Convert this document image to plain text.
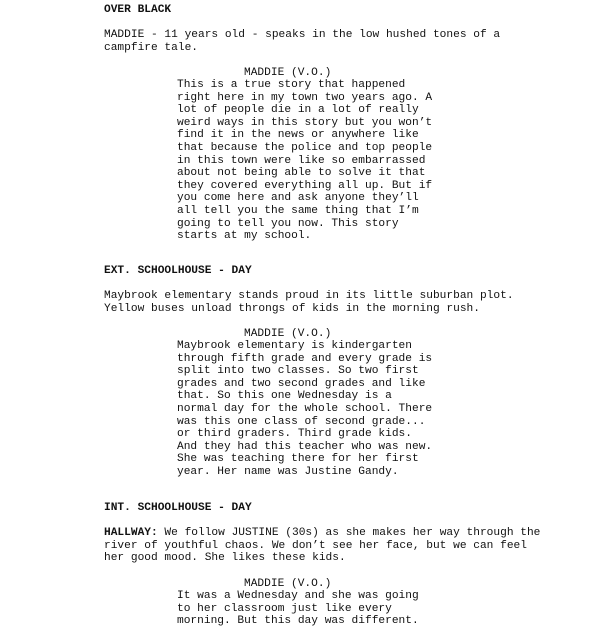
OVER BLACK

MADDIE - 11 years old - speaks in the low hushed tones of a campfire tale.

MADDIE (V.O.)

This is a true story that happened right here in my town two years ago. A lot of people die in a lot of really weird ways in this story but you won’t find it in the news or anywhere like that because the police and top people in this town were like so embarrassed about not being able to solve it that they covered everything all up. But if you come here and ask anyone they’ll all tell you the same thing that I’m going to tell you now. This story starts at my school.

EXT. SCHOOLHOUSE - DAY

Maybrook elementary stands proud in its little suburban plot. Yellow buses unload throngs of kids in the morning rush.

MADDIE (V.O.)

Maybrook elementary is kindergarten through fifth grade and every grade is split into two classes. So two first grades and two second grades and like that. So this one Wednesday is a normal day for the whole school. There was this one class of second grade... or third graders. Third grade kids. And they had this teacher who was new. She was teaching there for her first year. Her name was Justine Gandy.

INT. SCHOOLHOUSE - DAY

HALLWAY: We follow JUSTINE (30s) as she makes her way through the river of youthful chaos. We don’t see her face, but we can feel her good mood. She likes these kids.

MADDIE (V.O.)

It was a Wednesday and she was going to her classroom just like every morning. But this day was different.
